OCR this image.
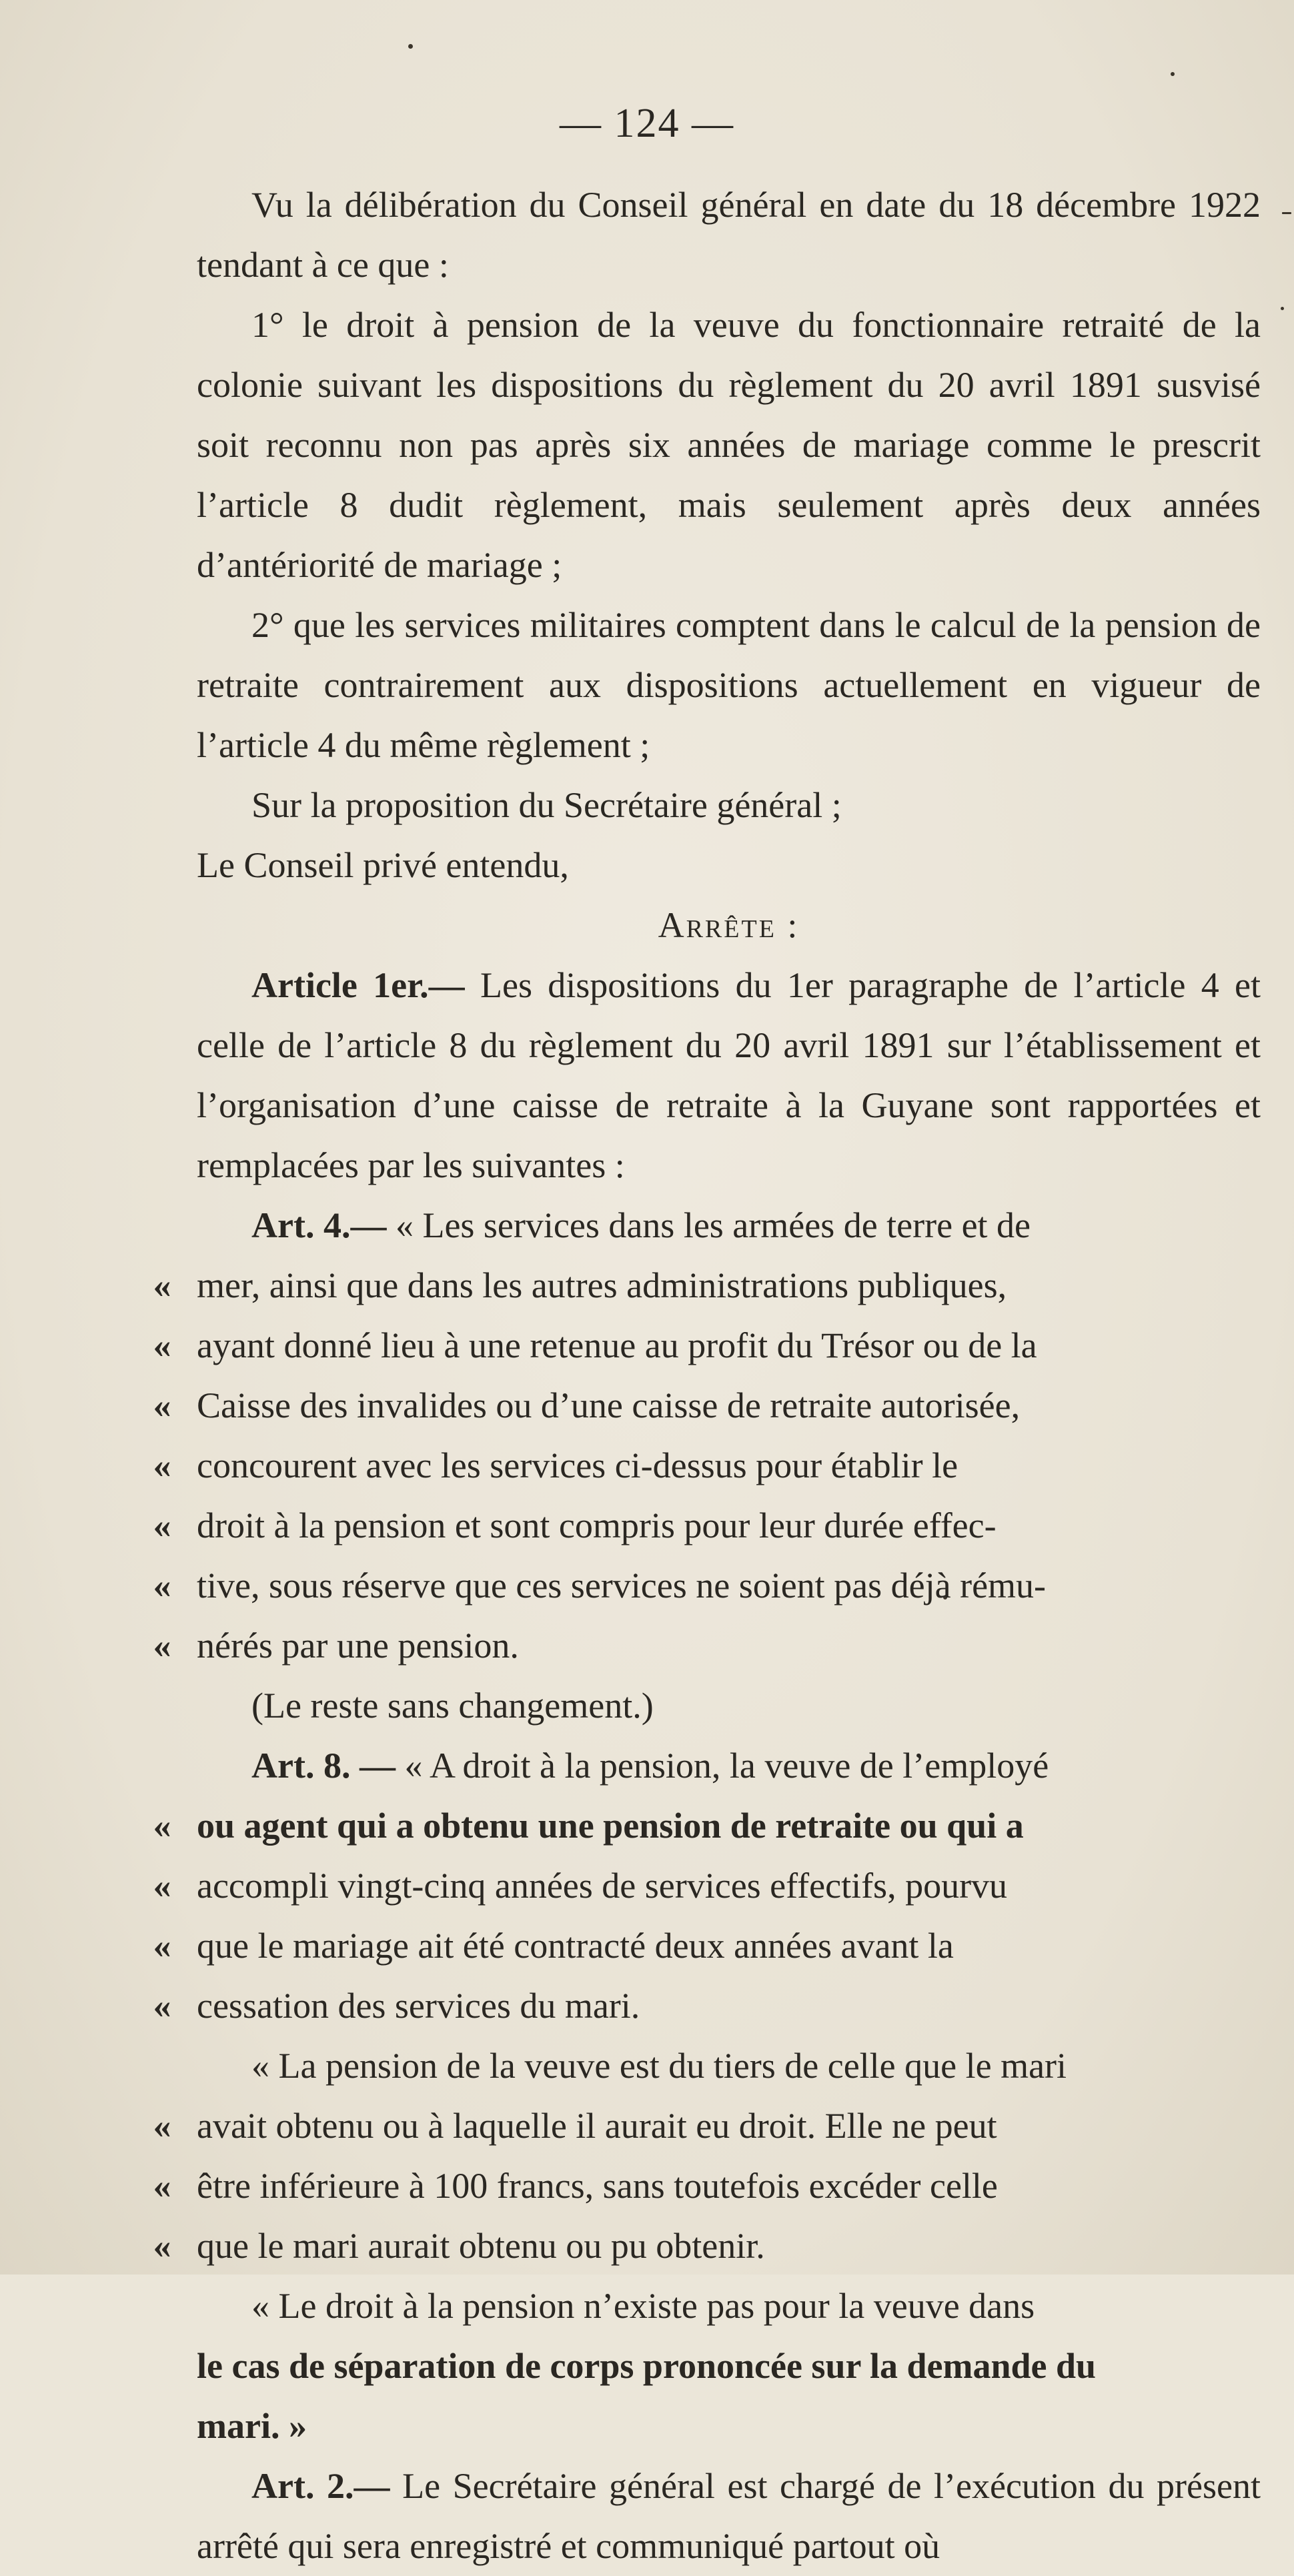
— 124 —

Vu la délibération du Conseil général en date du 18 décembre 1922 tendant à ce que :

1° le droit à pension de la veuve du fonctionnaire retraité de la colonie suivant les dispositions du règlement du 20 avril 1891 susvisé soit reconnu non pas après six années de mariage comme le prescrit l’article 8 dudit règlement, mais seulement après deux années d’antériorité de mariage ;

2° que les services militaires comptent dans le calcul de la pension de retraite contrairement aux dispositions actuellement en vigueur de l’article 4 du même règlement ;

Sur la proposition du Secrétaire général ;

Le Conseil privé entendu,

Arrête :

Article 1er.— Les dispositions du 1er paragraphe de l’article 4 et celle de l’article 8 du règlement du 20 avril 1891 sur l’établissement et l’organisation d’une caisse de retraite à la Guyane sont rapportées et remplacées par les suivantes :

Art. 4.— « Les services dans les armées de terre et de
« mer, ainsi que dans les autres administrations publiques,
« ayant donné lieu à une retenue au profit du Trésor ou de la
« Caisse des invalides ou d’une caisse de retraite autorisée,
« concourent avec les services ci-dessus pour établir le
« droit à la pension et sont compris pour leur durée effec-
« tive, sous réserve que ces services ne soient pas déjà rému-
« nérés par une pension.
(Le reste sans changement.)
Art. 8. — « A droit à la pension, la veuve de l’employé
« ou agent qui a obtenu une pension de retraite ou qui a
« accompli vingt-cinq années de services effectifs, pourvu
« que le mariage ait été contracté deux années avant la
« cessation des services du mari.
« La pension de la veuve est du tiers de celle que le mari
« avait obtenu ou à laquelle il aurait eu droit. Elle ne peut
« être inférieure à 100 francs, sans toutefois excéder celle
« que le mari aurait obtenu ou pu obtenir.
« Le droit à la pension n’existe pas pour la veuve dans
le cas de séparation de corps prononcée sur la demande du
mari. »

Art. 2.— Le Secrétaire général est chargé de l’exécution du présent arrêté qui sera enregistré et communiqué partout où
